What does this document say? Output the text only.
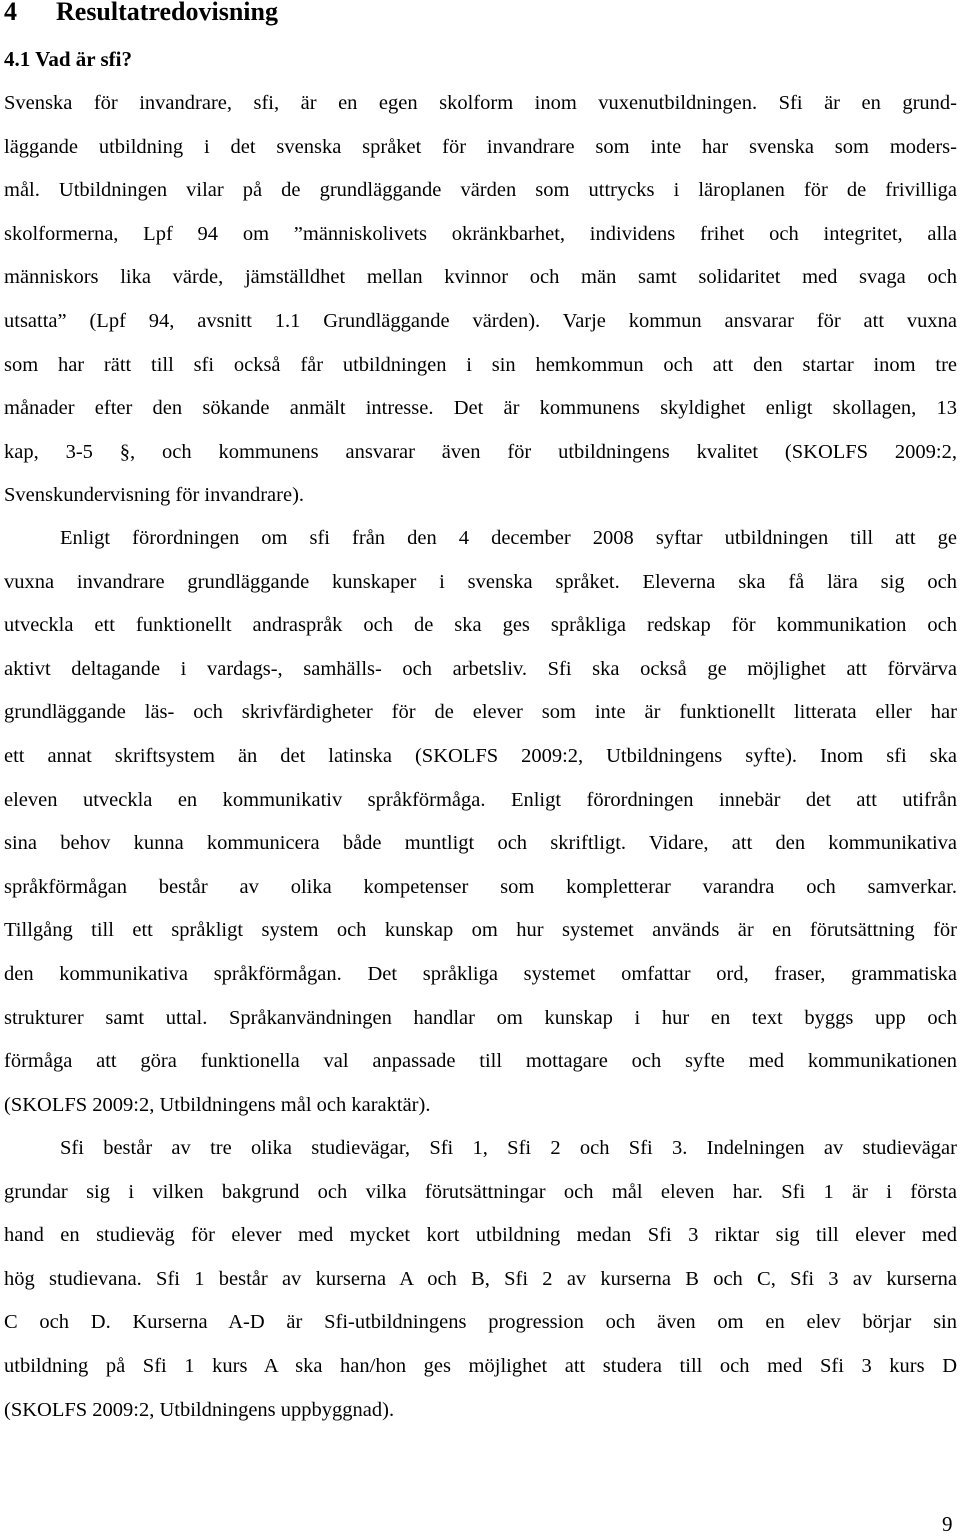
4 Resultatredovisning
4.1 Vad är sfi?
Svenska för invandrare, sfi, är en egen skolform inom vuxenutbildningen. Sfi är en grund-
läggande utbildning i det svenska språket för invandrare som inte har svenska som moders-
mål. Utbildningen vilar på de grundläggande värden som uttrycks i läroplanen för de frivilliga
skolformerna, Lpf 94 om ”människolivets okränkbarhet, individens frihet och integritet, alla
människors lika värde, jämställdhet mellan kvinnor och män samt solidaritet med svaga och
utsatta” (Lpf 94, avsnitt 1.1 Grundläggande värden). Varje kommun ansvarar för att vuxna
som har rätt till sfi också får utbildningen i sin hemkommun och att den startar inom tre
månader efter den sökande anmält intresse. Det är kommunens skyldighet enligt skollagen, 13
kap, 3-5 §, och kommunens ansvarar även för utbildningens kvalitet (SKOLFS 2009:2,
Svenskundervisning för invandrare).
Enligt förordningen om sfi från den 4 december 2008 syftar utbildningen till att ge
vuxna invandrare grundläggande kunskaper i svenska språket. Eleverna ska få lära sig och
utveckla ett funktionellt andraspråk och de ska ges språkliga redskap för kommunikation och
aktivt deltagande i vardags-, samhälls- och arbetsliv. Sfi ska också ge möjlighet att förvärva
grundläggande läs- och skrivfärdigheter för de elever som inte är funktionellt litterata eller har
ett annat skriftsystem än det latinska (SKOLFS 2009:2, Utbildningens syfte). Inom sfi ska
eleven utveckla en kommunikativ språkförmåga. Enligt förordningen innebär det att utifrån
sina behov kunna kommunicera både muntligt och skriftligt. Vidare, att den kommunikativa
språkförmågan består av olika kompetenser som kompletterar varandra och samverkar.
Tillgång till ett språkligt system och kunskap om hur systemet används är en förutsättning för
den kommunikativa språkförmågan. Det språkliga systemet omfattar ord, fraser, grammatiska
strukturer samt uttal. Språkanvändningen handlar om kunskap i hur en text byggs upp och
förmåga att göra funktionella val anpassade till mottagare och syfte med kommunikationen
(SKOLFS 2009:2, Utbildningens mål och karaktär).
Sfi består av tre olika studievägar, Sfi 1, Sfi 2 och Sfi 3. Indelningen av studievägar
grundar sig i vilken bakgrund och vilka förutsättningar och mål eleven har. Sfi 1 är i första
hand en studieväg för elever med mycket kort utbildning medan Sfi 3 riktar sig till elever med
hög studievana. Sfi 1 består av kurserna A och B, Sfi 2 av kurserna B och C, Sfi 3 av kurserna
C och D. Kurserna A-D är Sfi-utbildningens progression och även om en elev börjar sin
utbildning på Sfi 1 kurs A ska han/hon ges möjlighet att studera till och med Sfi 3 kurs D
(SKOLFS 2009:2, Utbildningens uppbyggnad).
9
